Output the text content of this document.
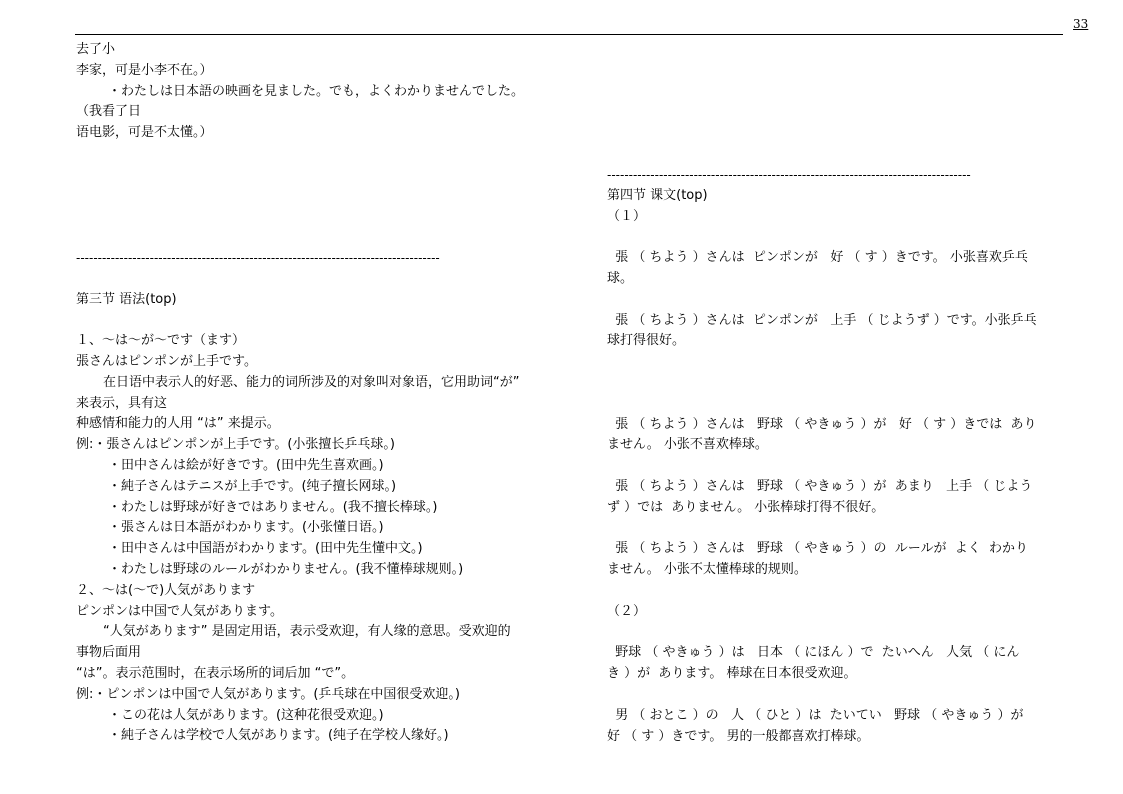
33
去了小
李家，可是小李不在。）
・わたしは日本語の映画を見ました。でも，よくわかりませんでした。
（我看了日
语电影，可是不太懂。）
------------------------------------------------------------------------------------
第三节 语法(top)
１、～は～が～です（ます）
張さんはピンポンが上手です。
在日语中表示人的好恶、能力的词所涉及的对象叫对象语，它用助词“が”
来表示，具有这
种感情和能力的人用 “は” 来提示。
例:・張さんはピンポンが上手です。(小张擅长乒乓球。)
・田中さんは絵が好きです。(田中先生喜欢画。)
・純子さんはテニスが上手です。(纯子擅长网球。)
・わたしは野球が好きではありません。(我不擅长棒球。)
・張さんは日本語がわかります。(小张懂日语。)
・田中さんは中国語がわかります。(田中先生懂中文。)
・わたしは野球のルールがわかりません。(我不懂棒球规则。)
２、～は(～で)人気があります
ピンポンは中国で人気があります。
“人気があります” 是固定用语，表示受欢迎，有人缘的意思。受欢迎的
事物后面用
“は”。表示范围时，在表示场所的词后加 “で”。
例:・ピンポンは中国で人気があります。(乒乓球在中国很受欢迎。)
・この花は人気があります。(这种花很受欢迎。)
・純子さんは学校で人気があります。(纯子在学校人缘好。)
------------------------------------------------------------------------------------
第四节 课文(top)
（１）
張 （ ちよう ）さんは  ピンポンが   好 （ す ）きです。 小张喜欢乒乓
球。
張 （ ちよう ）さんは  ピンポンが   上手 （ じようず ）です。小张乒乓
球打得很好。
張 （ ちよう ）さんは   野球 （ やきゅう ）が   好 （ す ）きでは  あり
ません。 小张不喜欢棒球。
張 （ ちよう ）さんは   野球 （ やきゅう ）が  あまり   上手 （ じよう
ず ）では  ありません。 小张棒球打得不很好。
張 （ ちよう ）さんは   野球 （ やきゅう ）の  ルールが  よく  わかり
ません。 小张不太懂棒球的规则。
（２）
野球 （ やきゅう ）は   日本 （ にほん ）で  たいへん   人気 （ にん
き ）が  あります。 棒球在日本很受欢迎。
男 （ おとこ ）の   人 （ ひと ）は  たいてい   野球 （ やきゅう ）が
好 （ す ）きです。 男的一般都喜欢打棒球。
